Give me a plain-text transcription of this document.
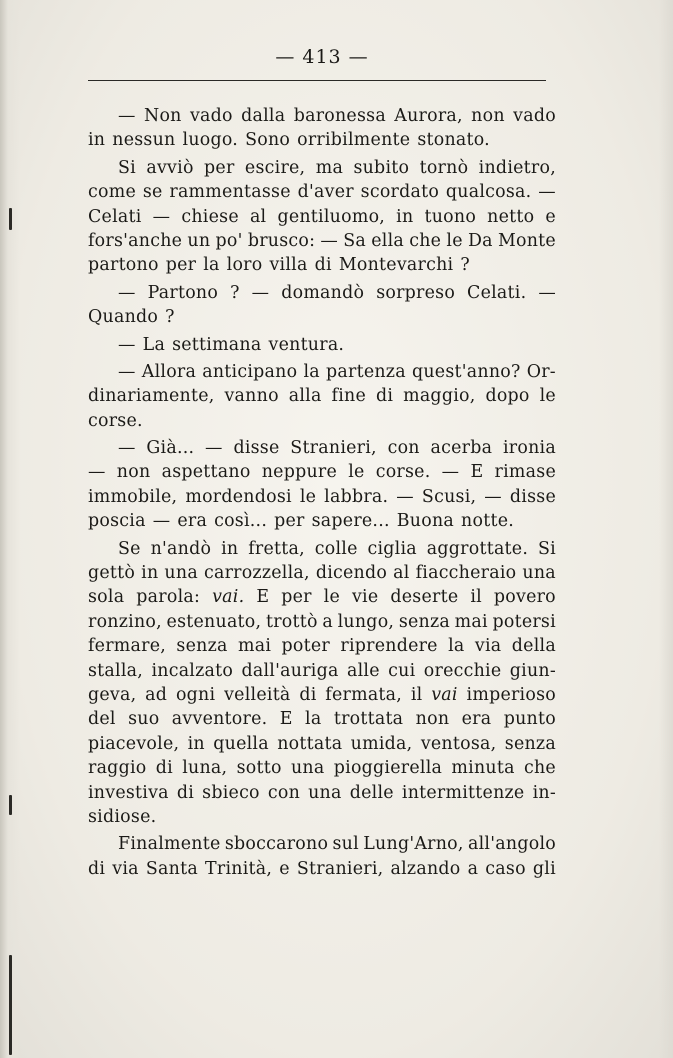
— 413 —
— Non vado dalla baronessa Aurora, non vado
in nessun luogo. Sono orribilmente stonato.
Si avviò per escire, ma subito tornò indietro,
come se rammentasse d'aver scordato qualcosa. —
Celati — chiese al gentiluomo, in tuono netto e
fors'anche un po' brusco: — Sa ella che le Da Monte
partono per la loro villa di Montevarchi ?
— Partono ? — domandò sorpreso Celati. —
Quando ?
— La settimana ventura.
— Allora anticipano la partenza quest'anno? Or-
dinariamente, vanno alla fine di maggio, dopo le
corse.
— Già... — disse Stranieri, con acerba ironia
— non aspettano neppure le corse. — E rimase
immobile, mordendosi le labbra. — Scusi, — disse
poscia — era così... per sapere... Buona notte.
Se n'andò in fretta, colle ciglia aggrottate. Si
gettò in una carrozzella, dicendo al fiaccheraio una
sola parola: vai. E per le vie deserte il povero
ronzino, estenuato, trottò a lungo, senza mai potersi
fermare, senza mai poter riprendere la via della
stalla, incalzato dall'auriga alle cui orecchie giun-
geva, ad ogni velleità di fermata, il vai imperioso
del suo avventore. E la trottata non era punto
piacevole, in quella nottata umida, ventosa, senza
raggio di luna, sotto una pioggierella minuta che
investiva di sbieco con una delle intermittenze in-
sidiose.
Finalmente sboccarono sul Lung'Arno, all'angolo
di via Santa Trinità, e Stranieri, alzando a caso gli
